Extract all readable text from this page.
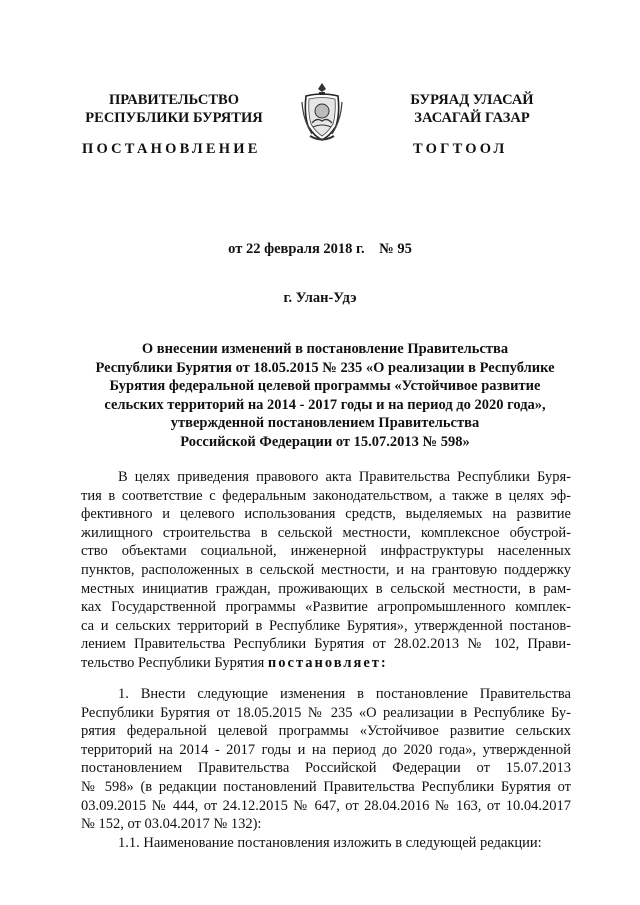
ПРАВИТЕЛЬСТВО
РЕСПУБЛИКИ БУРЯТИЯ
ПОСТАНОВЛЕНИЕ
БУРЯАД УЛАСАЙ
ЗАСАГАЙ ГАЗАР
ТОГТООЛ
от 22 февраля 2018 г. № 95
г. Улан-Удэ
О внесении изменений в постановление Правительства
Республики Бурятия от 18.05.2015 № 235 «О реализации в Республике
Бурятия федеральной целевой программы «Устойчивое развитие
сельских территорий на 2014 - 2017 годы и на период до 2020 года»,
утвержденной постановлением Правительства
Российской Федерации от 15.07.2013 № 598»
В целях приведения правового акта Правительства Республики Буря-
тия в соответствие с федеральным законодательством, а также в целях эф-
фективного и целевого использования средств, выделяемых на развитие
жилищного строительства в сельской местности, комплексное обустрой-
ство объектами социальной, инженерной инфраструктуры населенных
пунктов, расположенных в сельской местности, и на грантовую поддержку
местных инициатив граждан, проживающих в сельской местности, в рам-
ках Государственной программы «Развитие агропромышленного комплек-
са и сельских территорий в Республике Бурятия», утвержденной постанов-
лением Правительства Республики Бурятия от 28.02.2013 № 102, Прави-
тельство Республики Бурятия постановляет:
1. Внести следующие изменения в постановление Правительства
Республики Бурятия от 18.05.2015 № 235 «О реализации в Республике Бу-
рятия федеральной целевой программы «Устойчивое развитие сельских
территорий на 2014 - 2017 годы и на период до 2020 года», утвержденной
постановлением Правительства Российской Федерации от 15.07.2013
№ 598» (в редакции постановлений Правительства Республики Бурятия от
03.09.2015 № 444, от 24.12.2015 № 647, от 28.04.2016 № 163, от 10.04.2017
№ 152, от 03.04.2017 № 132):
1.1. Наименование постановления изложить в следующей редакции:
